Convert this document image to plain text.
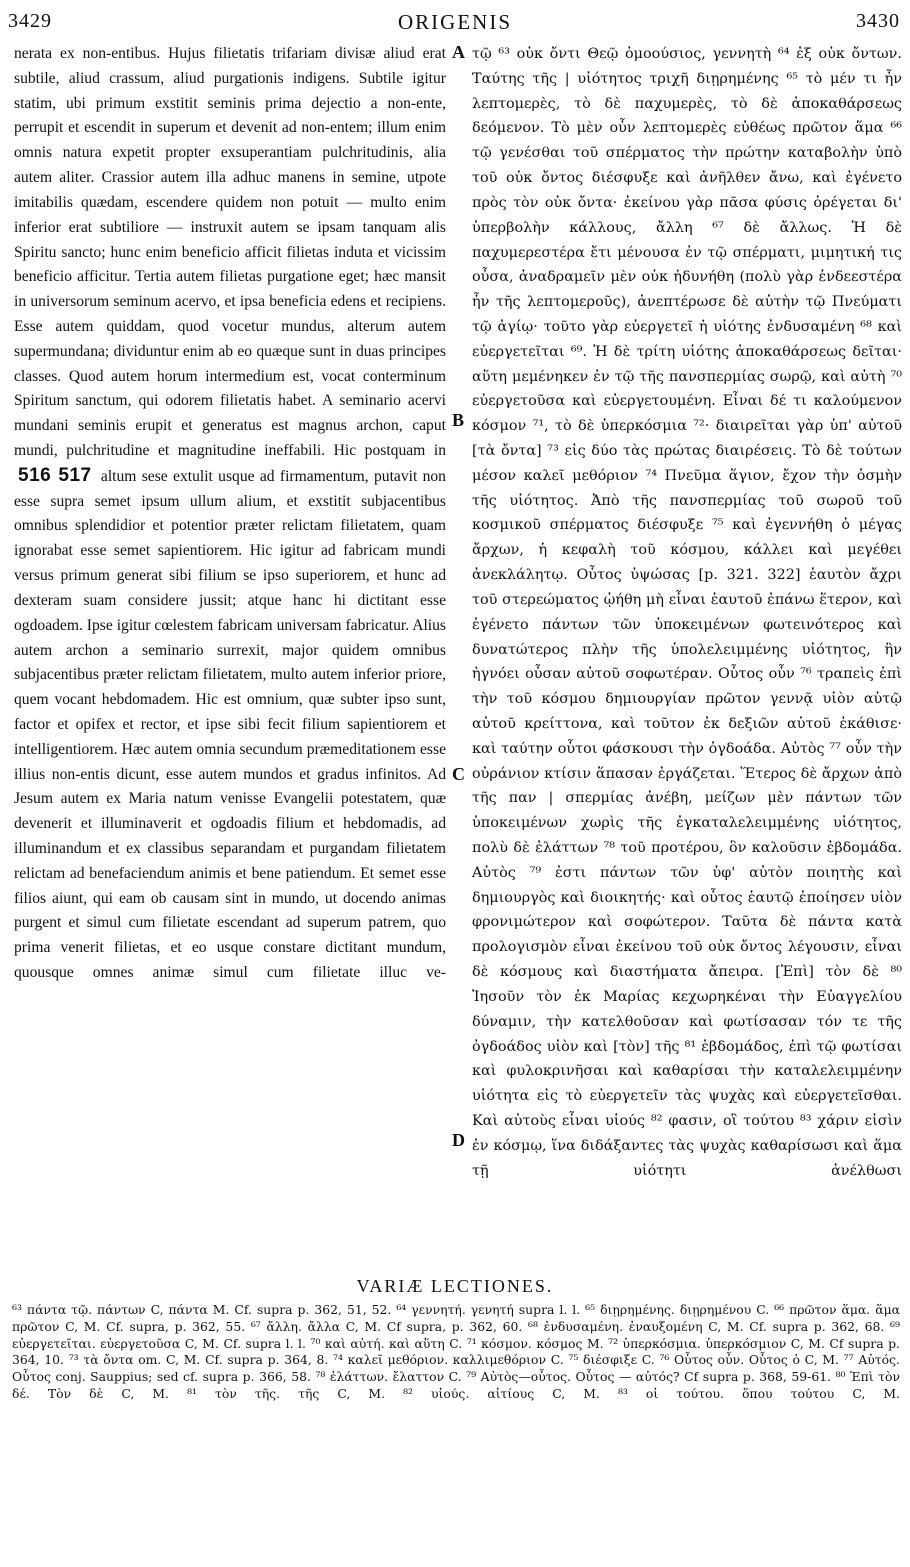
3429	ORIGENIS	3430

nerata ex non-entibus. Hujus filietatis trifariam divisæ aliud erat subtile, aliud crassum, aliud purgationis indigens. Subtile igitur statim, ubi primum exstitit seminis prima dejectio a non-ente, perrupit et escendit in superum et devenit ad non-entem; illum enim omnis natura expetit propter exsuperantiam pulchritudinis, alia autem aliter. Crassior autem illa adhuc manens in semine, utpote imitabilis quædam, escendere quidem non potuit — multo enim inferior erat subtiliore — instruxit autem se ipsam tanquam alis Spiritu sancto; hunc enim beneficio afficit filietas induta et vicissim beneficio afficitur. Tertia autem filietas purgatione eget; hæc mansit in universorum seminum acervo, et ipsa beneficia edens et recipiens. Esse autem quiddam, quod vocetur mundus, alterum autem supermundana; dividuntur enim ab eo quæque sunt in duas principes classes. Quod autem horum intermedium est, vocat conterminum Spiritum sanctum, qui odorem filietatis habet. A seminario acervi mundani seminis erupit et generatus est magnus archon, caput mundi, pulchritudine et magnitudine ineffabili. Hic postquam in 516 517 altum sese extulit usque ad firmamentum, putavit non esse supra semet ipsum ullum alium, et exstitit subjacentibus omnibus splendidior et potentior præter relictam filietatem, quam ignorabat esse semet sapientiorem. Hic igitur ad fabricam mundi versus primum generat sibi filium se ipso superiorem, et hunc ad dexteram suam considere jussit; atque hanc hi dictitant esse ogdoadem. Ipse igitur cœlestem fabricam universam fabricatur. Alius autem archon a seminario surrexit, major quidem omnibus subjacentibus præter relictam filietatem, multo autem inferior priore, quem vocant hebdomadem. Hic est omnium, quæ subter ipso sunt, factor et opifex et rector, et ipse sibi fecit filium sapientiorem et intelligentiorem. Hæc autem omnia secundum præmeditationem esse illius non-entis dicunt, esse autem mundos et gradus infinitos. Ad Jesum autem ex Maria natum venisse Evangelii potestatem, quæ devenerit et illuminaverit et ogdoadis filium et hebdomadis, ad illuminandum et ex classibus separandam et purgandam filietatem relictam ad benefaciendum animis et bene patiendum. Et semet esse filios aiunt, qui eam ob causam sint in mundo, ut docendo animas purgent et simul cum filietate escendant ad superum patrem, quo prima venerit filietas, et eo usque constare dictitant mundum, quousque omnes animæ simul cum filietate illuc ve-

A
B
C
D

τῷ ⁶³ οὐκ ὄντι Θεῷ ὁμοούσιος, γεννητὴ ⁶⁴ ἐξ οὐκ ὄντων. Ταύτης τῆς | υἱότητος τριχῆ διῃρημένης ⁶⁵ τὸ μέν τι ἦν λεπτομερὲς, τὸ δὲ παχυμερὲς, τὸ δὲ ἀποκαθάρσεως δεόμενον. Τὸ μὲν οὖν λεπτομερὲς εὐθέως πρῶτον ἅμα ⁶⁶ τῷ γενέσθαι τοῦ σπέρματος τὴν πρώτην καταβολὴν ὑπὸ τοῦ οὐκ ὄντος διέσφυξε καὶ ἀνῆλθεν ἄνω, καὶ ἐγένετο πρὸς τὸν οὐκ ὄντα· ἐκείνου γὰρ πᾶσα φύσις ὀρέγεται δι' ὑπερβολὴν κάλλους, ἄλλη ⁶⁷ δὲ ἄλλως. Ἡ δὲ παχυμερεστέρα ἔτι μένουσα ἐν τῷ σπέρματι, μιμητική τις οὖσα, ἀναδραμεῖν μὲν οὐκ ἠδυνήθη (πολὺ γὰρ ἐνδεεστέρα ἦν τῆς λεπτομεροῦς), ἀνεπτέρωσε δὲ αὑτὴν τῷ Πνεύματι τῷ ἁγίῳ· τοῦτο γὰρ εὐεργετεῖ ἡ υἱότης ἐνδυσαμένη ⁶⁸ καὶ εὐεργετεῖται ⁶⁹. Ἡ δὲ τρίτη υἱότης ἀποκαθάρσεως δεῖται· αὕτη μεμένηκεν ἐν τῷ τῆς πανσπερμίας σωρῷ, καὶ αὐτὴ ⁷⁰ εὐεργετοῦσα καὶ εὐεργετουμένη. Εἶναι δέ τι καλούμενον κόσμον ⁷¹, τὸ δὲ ὑπερκόσμια ⁷²· διαιρεῖται γὰρ ὑπ' αὐτοῦ [τὰ ὄντα] ⁷³ εἰς δύο τὰς πρώτας διαιρέσεις. Τὸ δὲ τούτων μέσον καλεῖ μεθόριον ⁷⁴ Πνεῦμα ἅγιον, ἔχον τὴν ὀσμὴν τῆς υἱότητος. Ἀπὸ τῆς πανσπερμίας τοῦ σωροῦ τοῦ κοσμικοῦ σπέρματος διέσφυξε ⁷⁵ καὶ ἐγεννήθη ὁ μέγας ἄρχων, ἡ κεφαλὴ τοῦ κόσμου, κάλλει καὶ μεγέθει ἀνεκλάλητῳ. Οὗτος ὑψώσας [p. 321. 322] ἑαυτὸν ἄχρι τοῦ στερεώματος ᾠήθη μὴ εἶναι ἑαυτοῦ ἐπάνω ἕτερον, καὶ ἐγένετο πάντων τῶν ὑποκειμένων φωτεινότερος καὶ δυνατώτερος πλὴν τῆς ὑπολελειμμένης υἱότητος, ἣν ἠγνόει οὖσαν αὐτοῦ σοφωτέραν. Οὗτος οὖν ⁷⁶ τραπεὶς ἐπὶ τὴν τοῦ κόσμου δημιουργίαν πρῶτον γεννᾷ υἱὸν αὑτῷ αὐτοῦ κρείττονα, καὶ τοῦτον ἐκ δεξιῶν αὐτοῦ ἐκάθισε· καὶ ταύτην οὗτοι φάσκουσι τὴν ὀγδοάδα. Αὐτὸς ⁷⁷ οὖν τὴν οὐράνιον κτίσιν ἅπασαν ἐργάζεται. Ἕτερος δὲ ἄρχων ἀπὸ τῆς παν | σπερμίας ἀνέβη, μείζων μὲν πάντων τῶν ὑποκειμένων χωρὶς τῆς ἐγκαταλελειμμένης υἱότητος, πολὺ δὲ ἐλάττων ⁷⁸ τοῦ προτέρου, ὃν καλοῦσιν ἑβδομάδα. Αὐτὸς ⁷⁹ ἐστι πάντων τῶν ὑφ' αὐτὸν ποιητὴς καὶ δημιουργὸς καὶ διοικητής· καὶ οὗτος ἑαυτῷ ἐποίησεν υἱὸν φρονιμώτερον καὶ σοφώτερον. Ταῦτα δὲ πάντα κατὰ προλογισμὸν εἶναι ἐκείνου τοῦ οὐκ ὄντος λέγουσιν, εἶναι δὲ κόσμους καὶ διαστήματα ἄπειρα. [Ἐπὶ] τὸν δὲ ⁸⁰ Ἰησοῦν τὸν ἐκ Μαρίας κεχωρηκέναι τὴν Εὐαγγελίου δύναμιν, τὴν κατελθοῦσαν καὶ φωτίσασαν τόν τε τῆς ὀγδοάδος υἱὸν καὶ [τὸν] τῆς ⁸¹ ἑβδομάδος, ἐπὶ τῷ φωτίσαι καὶ φυλοκρινῆσαι καὶ καθαρίσαι τὴν καταλελειμμένην υἱότητα εἰς τὸ εὐεργετεῖν τὰς ψυχὰς καὶ εὐεργετεῖσθαι. Καὶ αὐτοὺς εἶναι υἱούς ⁸² φασιν, οἳ τούτου ⁸³ χάριν εἰσὶν ἐν κόσμῳ, ἵνα διδάξαντες τὰς ψυχὰς καθαρίσωσι καὶ ἅμα τῇ υἱότητι ἀνέλθωσι

VARIÆ LECTIONES.

⁶³ πάντα τῷ. πάντων C, πάντα M. Cf. supra p. 362, 51, 52. ⁶⁴ γεννητή. γενητή supra l. l. ⁶⁵ διῃρημένης. διῃρημένου C. ⁶⁶ πρῶτον ἅμα. ἅμα πρῶτον C, M. Cf. supra, p. 362, 55. ⁶⁷ ἄλλη. ἄλλα C, M. Cf supra, p. 362, 60. ⁶⁸ ἐνδυσαμένη. ἐναυξομένη C, M. Cf. supra p. 362, 68. ⁶⁹ εὐεργετεῖται. εὐεργετοῦσα C, M. Cf. supra l. l. ⁷⁰ καὶ αὐτή. καὶ αὕτη C. ⁷¹ κόσμον. κόσμος M. ⁷² ὑπερκόσμια. ὑπερκόσμιον C, M. Cf supra p. 364, 10. ⁷³ τὰ ὄντα om. C, M. Cf. supra p. 364, 8. ⁷⁴ καλεῖ μεθόριον. καλλιμεθόριον C. ⁷⁵ διέσφιξε C. ⁷⁶ Οὗτος οὖν. Οὗτος ὁ C, M. ⁷⁷ Αὐτός. Οὗτος conj. Sauppius; sed cf. supra p. 366, 58. ⁷⁸ ἐλάττων. ἔλαττον C. ⁷⁹ Αὐτὸς—οὗτος. Οὗτος — αὐτός? Cf supra p. 368, 59-61. ⁸⁰ Ἐπὶ τὸν δέ. Τὸν δὲ C, M. ⁸¹ τὸν τῆς. τῆς C, M. ⁸² υἱούς. αἰτίους C, M. ⁸³ οἱ τούτου. ὅπου τούτου C, M.
